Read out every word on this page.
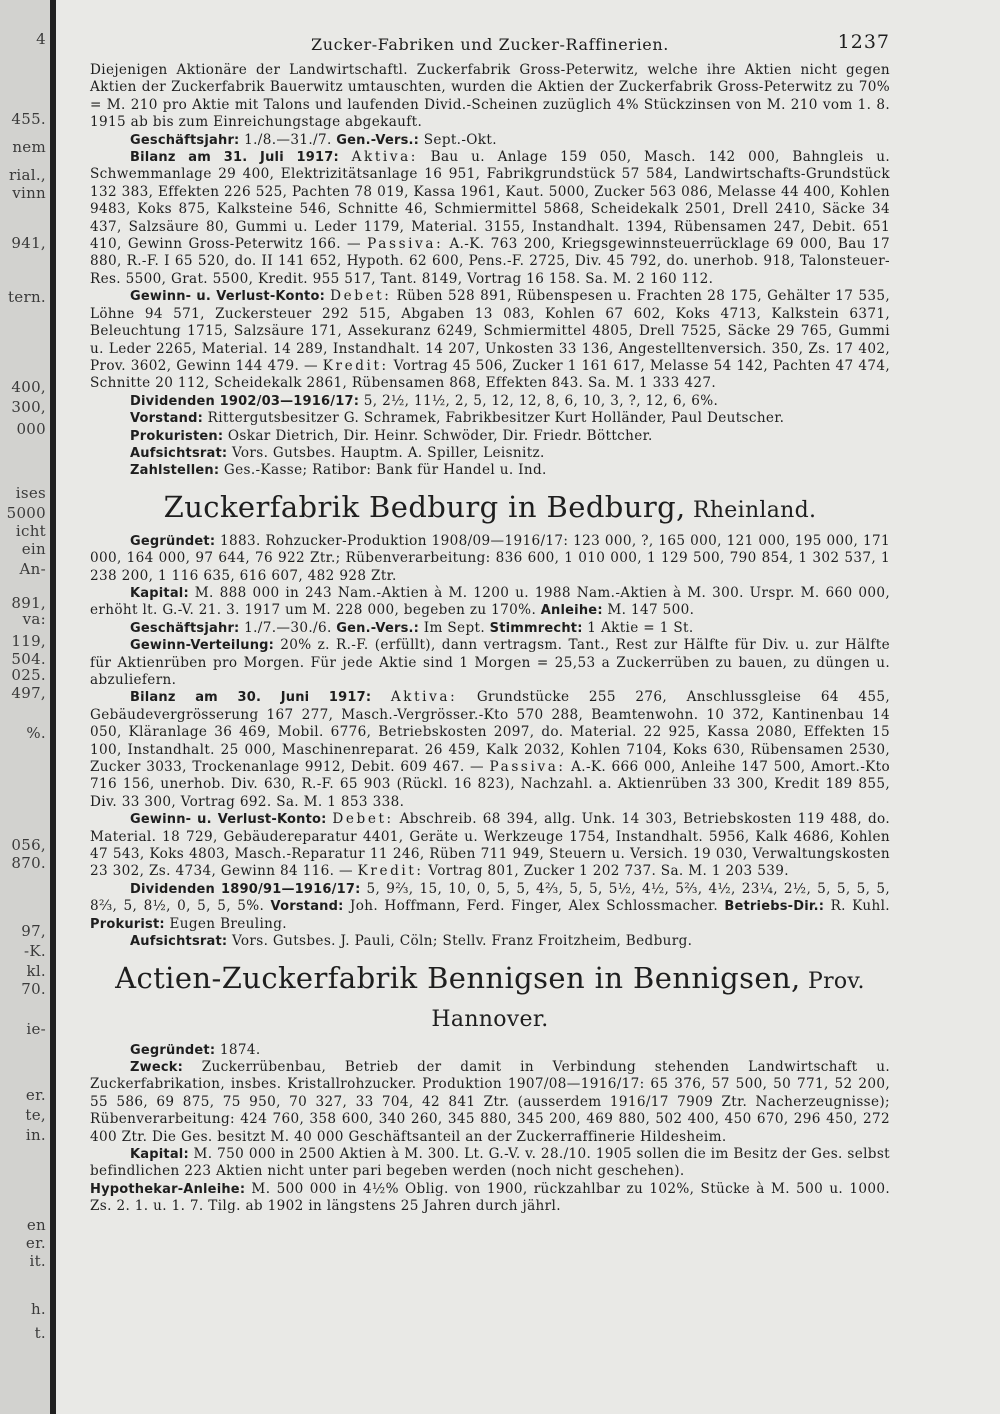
4
455.
nem
rial.,
vinn
941,
tern.
400,
300,
000
ises
5000
icht
ein
An-
891,
va:
119,
504.
025.
497,
%.
056,
870.
97,
-K.
kl.
70.
ie-
er.
te,
in.
en
er.
it.
h.
t.
Zucker-Fabriken und Zucker-Raffinerien.	1237

Diejenigen Aktionäre der Landwirtschaftl. Zuckerfabrik Gross-Peterwitz, welche ihre Aktien nicht gegen Aktien der Zuckerfabrik Bauerwitz umtauschten, wurden die Aktien der Zuckerfabrik Gross-Peterwitz zu 70% = M. 210 pro Aktie mit Talons und laufenden Divid.-Scheinen zuzüglich 4% Stückzinsen von M. 210 vom 1. 8. 1915 ab bis zum Einreichungstage abgekauft.

Geschäftsjahr: 1./8.—31./7. Gen.-Vers.: Sept.-Okt.

Bilanz am 31. Juli 1917: Aktiva: Bau u. Anlage 159 050, Masch. 142 000, Bahngleis u. Schwemmanlage 29 400, Elektrizitätsanlage 16 951, Fabrikgrundstück 57 584, Landwirtschafts-Grundstück 132 383, Effekten 226 525, Pachten 78 019, Kassa 1961, Kaut. 5000, Zucker 563 086, Melasse 44 400, Kohlen 9483, Koks 875, Kalksteine 546, Schnitte 46, Schmiermittel 5868, Scheidekalk 2501, Drell 2410, Säcke 34 437, Salzsäure 80, Gummi u. Leder 1179, Material. 3155, Instandhalt. 1394, Rübensamen 247, Debit. 651 410, Gewinn Gross-Peterwitz 166. — Passiva: A.-K. 763 200, Kriegsgewinnsteuerrücklage 69 000, Bau 17 880, R.-F. I 65 520, do. II 141 652, Hypoth. 62 600, Pens.-F. 2725, Div. 45 792, do. unerhob. 918, Talonsteuer-Res. 5500, Grat. 5500, Kredit. 955 517, Tant. 8149, Vortrag 16 158. Sa. M. 2 160 112.

Gewinn- u. Verlust-Konto: Debet: Rüben 528 891, Rübenspesen u. Frachten 28 175, Gehälter 17 535, Löhne 94 571, Zuckersteuer 292 515, Abgaben 13 083, Kohlen 67 602, Koks 4713, Kalkstein 6371, Beleuchtung 1715, Salzsäure 171, Assekuranz 6249, Schmiermittel 4805, Drell 7525, Säcke 29 765, Gummi u. Leder 2265, Material. 14 289, Instandhalt. 14 207, Unkosten 33 136, Angestelltenversich. 350, Zs. 17 402, Prov. 3602, Gewinn 144 479. — Kredit: Vortrag 45 506, Zucker 1 161 617, Melasse 54 142, Pachten 47 474, Schnitte 20 112, Scheidekalk 2861, Rübensamen 868, Effekten 843. Sa. M. 1 333 427.

Dividenden 1902/03—1916/17: 5, 2½, 11½, 2, 5, 12, 12, 8, 6, 10, 3, ?, 12, 6, 6%.

Vorstand: Rittergutsbesitzer G. Schramek, Fabrikbesitzer Kurt Holländer, Paul Deutscher.

Prokuristen: Oskar Dietrich, Dir. Heinr. Schwöder, Dir. Friedr. Böttcher.

Aufsichtsrat: Vors. Gutsbes. Hauptm. A. Spiller, Leisnitz.

Zahlstellen: Ges.-Kasse; Ratibor: Bank für Handel u. Ind.

Zuckerfabrik Bedburg in Bedburg, Rheinland.

Gegründet: 1883. Rohzucker-Produktion 1908/09—1916/17: 123 000, ?, 165 000, 121 000, 195 000, 171 000, 164 000, 97 644, 76 922 Ztr.; Rübenverarbeitung: 836 600, 1 010 000, 1 129 500, 790 854, 1 302 537, 1 238 200, 1 116 635, 616 607, 482 928 Ztr.

Kapital: M. 888 000 in 243 Nam.-Aktien à M. 1200 u. 1988 Nam.-Aktien à M. 300. Urspr. M. 660 000, erhöht lt. G.-V. 21. 3. 1917 um M. 228 000, begeben zu 170%. Anleihe: M. 147 500.

Geschäftsjahr: 1./7.—30./6. Gen.-Vers.: Im Sept. Stimmrecht: 1 Aktie = 1 St.

Gewinn-Verteilung: 20% z. R.-F. (erfüllt), dann vertragsm. Tant., Rest zur Hälfte für Div. u. zur Hälfte für Aktienrüben pro Morgen. Für jede Aktie sind 1 Morgen = 25,53 a Zuckerrüben zu bauen, zu düngen u. abzuliefern.

Bilanz am 30. Juni 1917: Aktiva: Grundstücke 255 276, Anschlussgleise 64 455, Gebäudevergrösserung 167 277, Masch.-Vergrösser.-Kto 570 288, Beamtenwohn. 10 372, Kantinenbau 14 050, Kläranlage 36 469, Mobil. 6776, Betriebskosten 2097, do. Material. 22 925, Kassa 2080, Effekten 15 100, Instandhalt. 25 000, Maschinenreparat. 26 459, Kalk 2032, Kohlen 7104, Koks 630, Rübensamen 2530, Zucker 3033, Trockenanlage 9912, Debit. 609 467. — Passiva: A.-K. 666 000, Anleihe 147 500, Amort.-Kto 716 156, unerhob. Div. 630, R.-F. 65 903 (Rückl. 16 823), Nachzahl. a. Aktienrüben 33 300, Kredit 189 855, Div. 33 300, Vortrag 692. Sa. M. 1 853 338.

Gewinn- u. Verlust-Konto: Debet: Abschreib. 68 394, allg. Unk. 14 303, Betriebskosten 119 488, do. Material. 18 729, Gebäudereparatur 4401, Geräte u. Werkzeuge 1754, Instandhalt. 5956, Kalk 4686, Kohlen 47 543, Koks 4803, Masch.-Reparatur 11 246, Rüben 711 949, Steuern u. Versich. 19 030, Verwaltungskosten 23 302, Zs. 4734, Gewinn 84 116. — Kredit: Vortrag 801, Zucker 1 202 737. Sa. M. 1 203 539.

Dividenden 1890/91—1916/17: 5, 9⅔, 15, 10, 0, 5, 5, 4⅔, 5, 5, 5½, 4½, 5⅔, 4½, 23¼, 2½, 5, 5, 5, 5, 8⅔, 5, 8½, 0, 5, 5, 5%. Vorstand: Joh. Hoffmann, Ferd. Finger, Alex Schlossmacher. Betriebs-Dir.: R. Kuhl. Prokurist: Eugen Breuling.

Aufsichtsrat: Vors. Gutsbes. J. Pauli, Cöln; Stellv. Franz Froitzheim, Bedburg.

Actien-Zuckerfabrik Bennigsen in Bennigsen, Prov. Hannover.

Gegründet: 1874.

Zweck: Zuckerrübenbau, Betrieb der damit in Verbindung stehenden Landwirtschaft u. Zuckerfabrikation, insbes. Kristallrohzucker. Produktion 1907/08—1916/17: 65 376, 57 500, 50 771, 52 200, 55 586, 69 875, 75 950, 70 327, 33 704, 42 841 Ztr. (ausserdem 1916/17 7909 Ztr. Nacherzeugnisse); Rübenverarbeitung: 424 760, 358 600, 340 260, 345 880, 345 200, 469 880, 502 400, 450 670, 296 450, 272 400 Ztr. Die Ges. besitzt M. 40 000 Geschäftsanteil an der Zuckerraffinerie Hildesheim.

Kapital: M. 750 000 in 2500 Aktien à M. 300. Lt. G.-V. v. 28./10. 1905 sollen die im Besitz der Ges. selbst befindlichen 223 Aktien nicht unter pari begeben werden (noch nicht geschehen).

Hypothekar-Anleihe: M. 500 000 in 4½% Oblig. von 1900, rückzahlbar zu 102%, Stücke à M. 500 u. 1000. Zs. 2. 1. u. 1. 7. Tilg. ab 1902 in längstens 25 Jahren durch jährl.
